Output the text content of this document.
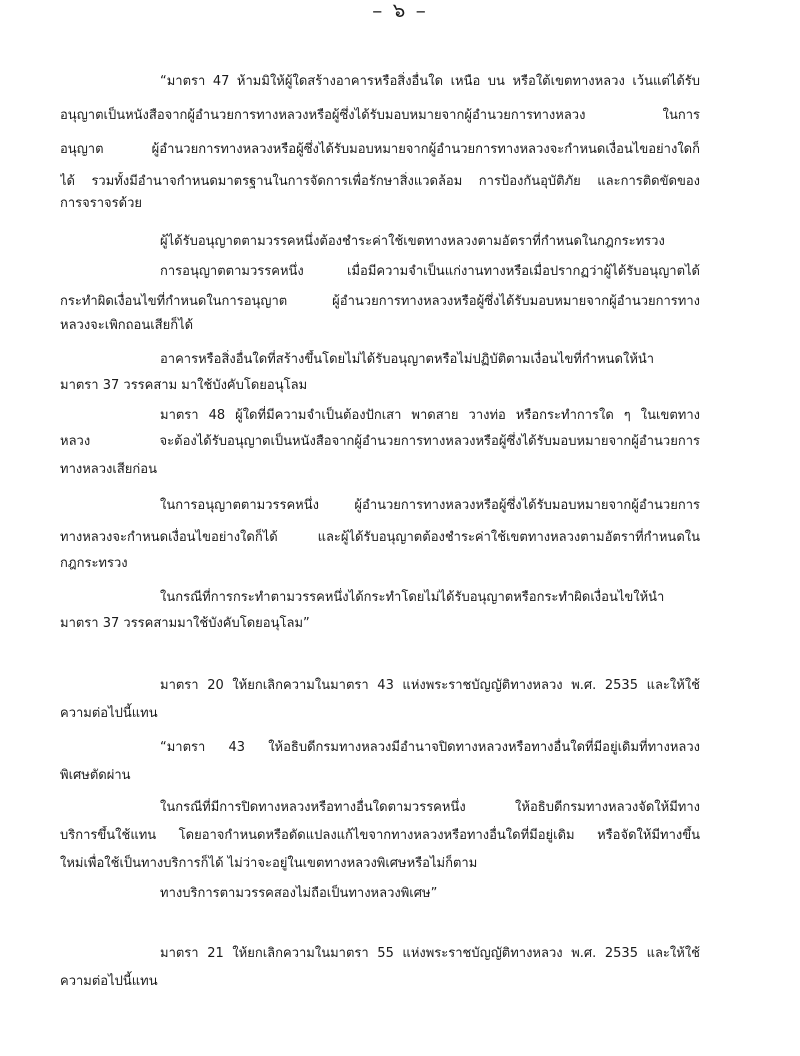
– ๖ –
“มาตรา 47 ห้ามมิให้ผู้ใดสร้างอาคารหรือสิ่งอื่นใด เหนือ บน หรือใต้เขตทางหลวง เว้นแต่ได้รับ
อนุญาตเป็นหนังสือจากผู้อำนวยการทางหลวงหรือผู้ซึ่งได้รับมอบหมายจากผู้อำนวยการทางหลวง ในการ
อนุญาต ผู้อำนวยการทางหลวงหรือผู้ซึ่งได้รับมอบหมายจากผู้อำนวยการทางหลวงจะกำหนดเงื่อนไขอย่างใดก็
ได้ รวมทั้งมีอำนาจกำหนดมาตรฐานในการจัดการเพื่อรักษาสิ่งแวดล้อม การป้องกันอุบัติภัย และการติดขัดของ
การจราจรด้วย
ผู้ได้รับอนุญาตตามวรรคหนึ่งต้องชำระค่าใช้เขตทางหลวงตามอัตราที่กำหนดในกฎกระทรวง
การอนุญาตตามวรรคหนึ่ง เมื่อมีความจำเป็นแก่งานทางหรือเมื่อปรากฏว่าผู้ได้รับอนุญาตได้
กระทำผิดเงื่อนไขที่กำหนดในการอนุญาต ผู้อำนวยการทางหลวงหรือผู้ซึ่งได้รับมอบหมายจากผู้อำนวยการทาง
หลวงจะเพิกถอนเสียก็ได้
อาคารหรือสิ่งอื่นใดที่สร้างขึ้นโดยไม่ได้รับอนุญาตหรือไม่ปฏิบัติตามเงื่อนไขที่กำหนดให้นำ
มาตรา 37 วรรคสาม มาใช้บังคับโดยอนุโลม
มาตรา 48 ผู้ใดที่มีความจำเป็นต้องปักเสา พาดสาย วางท่อ หรือกระทำการใด ๆ ในเขตทาง
หลวง จะต้องได้รับอนุญาตเป็นหนังสือจากผู้อำนวยการทางหลวงหรือผู้ซึ่งได้รับมอบหมายจากผู้อำนวยการ
ทางหลวงเสียก่อน
ในการอนุญาตตามวรรคหนึ่ง ผู้อำนวยการทางหลวงหรือผู้ซึ่งได้รับมอบหมายจากผู้อำนวยการ
ทางหลวงจะกำหนดเงื่อนไขอย่างใดก็ได้ และผู้ได้รับอนุญาตต้องชำระค่าใช้เขตทางหลวงตามอัตราที่กำหนดใน
กฎกระทรวง
ในกรณีที่การกระทำตามวรรคหนึ่งได้กระทำโดยไม่ได้รับอนุญาตหรือกระทำผิดเงื่อนไขให้นำ
มาตรา 37 วรรคสามมาใช้บังคับโดยอนุโลม”
มาตรา 20 ให้ยกเลิกความในมาตรา 43 แห่งพระราชบัญญัติทางหลวง พ.ศ. 2535 และให้ใช้
ความต่อไปนี้แทน
“มาตรา 43 ให้อธิบดีกรมทางหลวงมีอำนาจปิดทางหลวงหรือทางอื่นใดที่มีอยู่เดิมที่ทางหลวง
พิเศษตัดผ่าน
ในกรณีที่มีการปิดทางหลวงหรือทางอื่นใดตามวรรคหนึ่ง ให้อธิบดีกรมทางหลวงจัดให้มีทาง
บริการขึ้นใช้แทน โดยอาจกำหนดหรือดัดแปลงแก้ไขจากทางหลวงหรือทางอื่นใดที่มีอยู่เดิม หรือจัดให้มีทางขึ้น
ใหม่เพื่อใช้เป็นทางบริการก็ได้ ไม่ว่าจะอยู่ในเขตทางหลวงพิเศษหรือไม่ก็ตาม
ทางบริการตามวรรคสองไม่ถือเป็นทางหลวงพิเศษ”
มาตรา 21 ให้ยกเลิกความในมาตรา 55 แห่งพระราชบัญญัติทางหลวง พ.ศ. 2535 และให้ใช้
ความต่อไปนี้แทน
